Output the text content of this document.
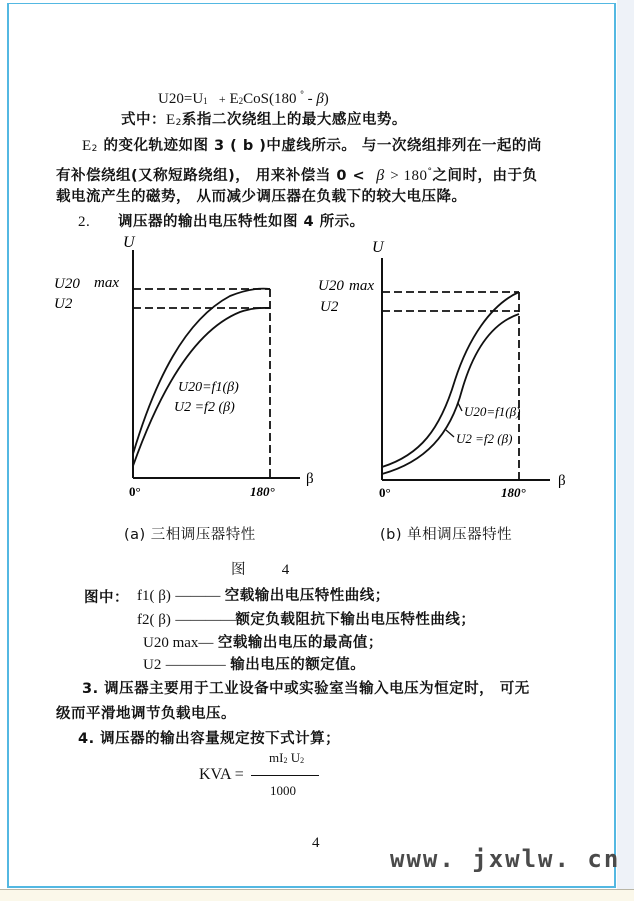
U20=U1 + E2CoS(180 ° - β)
式中：E2系指二次绕组上的最大感应电势。
E2 的变化轨迹如图 3 ( b )中虚线所示。 与一次绕组排列在一起的尚
有补偿绕组(又称短路绕组)， 用来补偿当 0 < β > 180°之间时，由于负
载电流产生的磁势， 从而减少调压器在负载下的较大电压降。
2. 调压器的输出电压特性如图 4 所示。
U
β
U20 max
U2
0°	180°
U20=f1(β)
U2 =f2 (β)
U
β
U20 max
U2
0°	180°
U20=f1(β)
U2 =f2 (β)
(a) 三相调压器特性	(b) 单相调压器特性
图 4
图中： f1( β) ——— 空载输出电压特性曲线；
f2( β) ————额定负载阻抗下输出电压特性曲线；
U20 max— 空载输出电压的最高值；
U2 ———— 输出电压的额定值。
3. 调压器主要用于工业设备中或实验室当输入电压为恒定时， 可无
级而平滑地调节负载电压。
4. 调压器的输出容量规定按下式计算；
KVA =
mI2 U2
1000
4
www. jxwlw. cn
